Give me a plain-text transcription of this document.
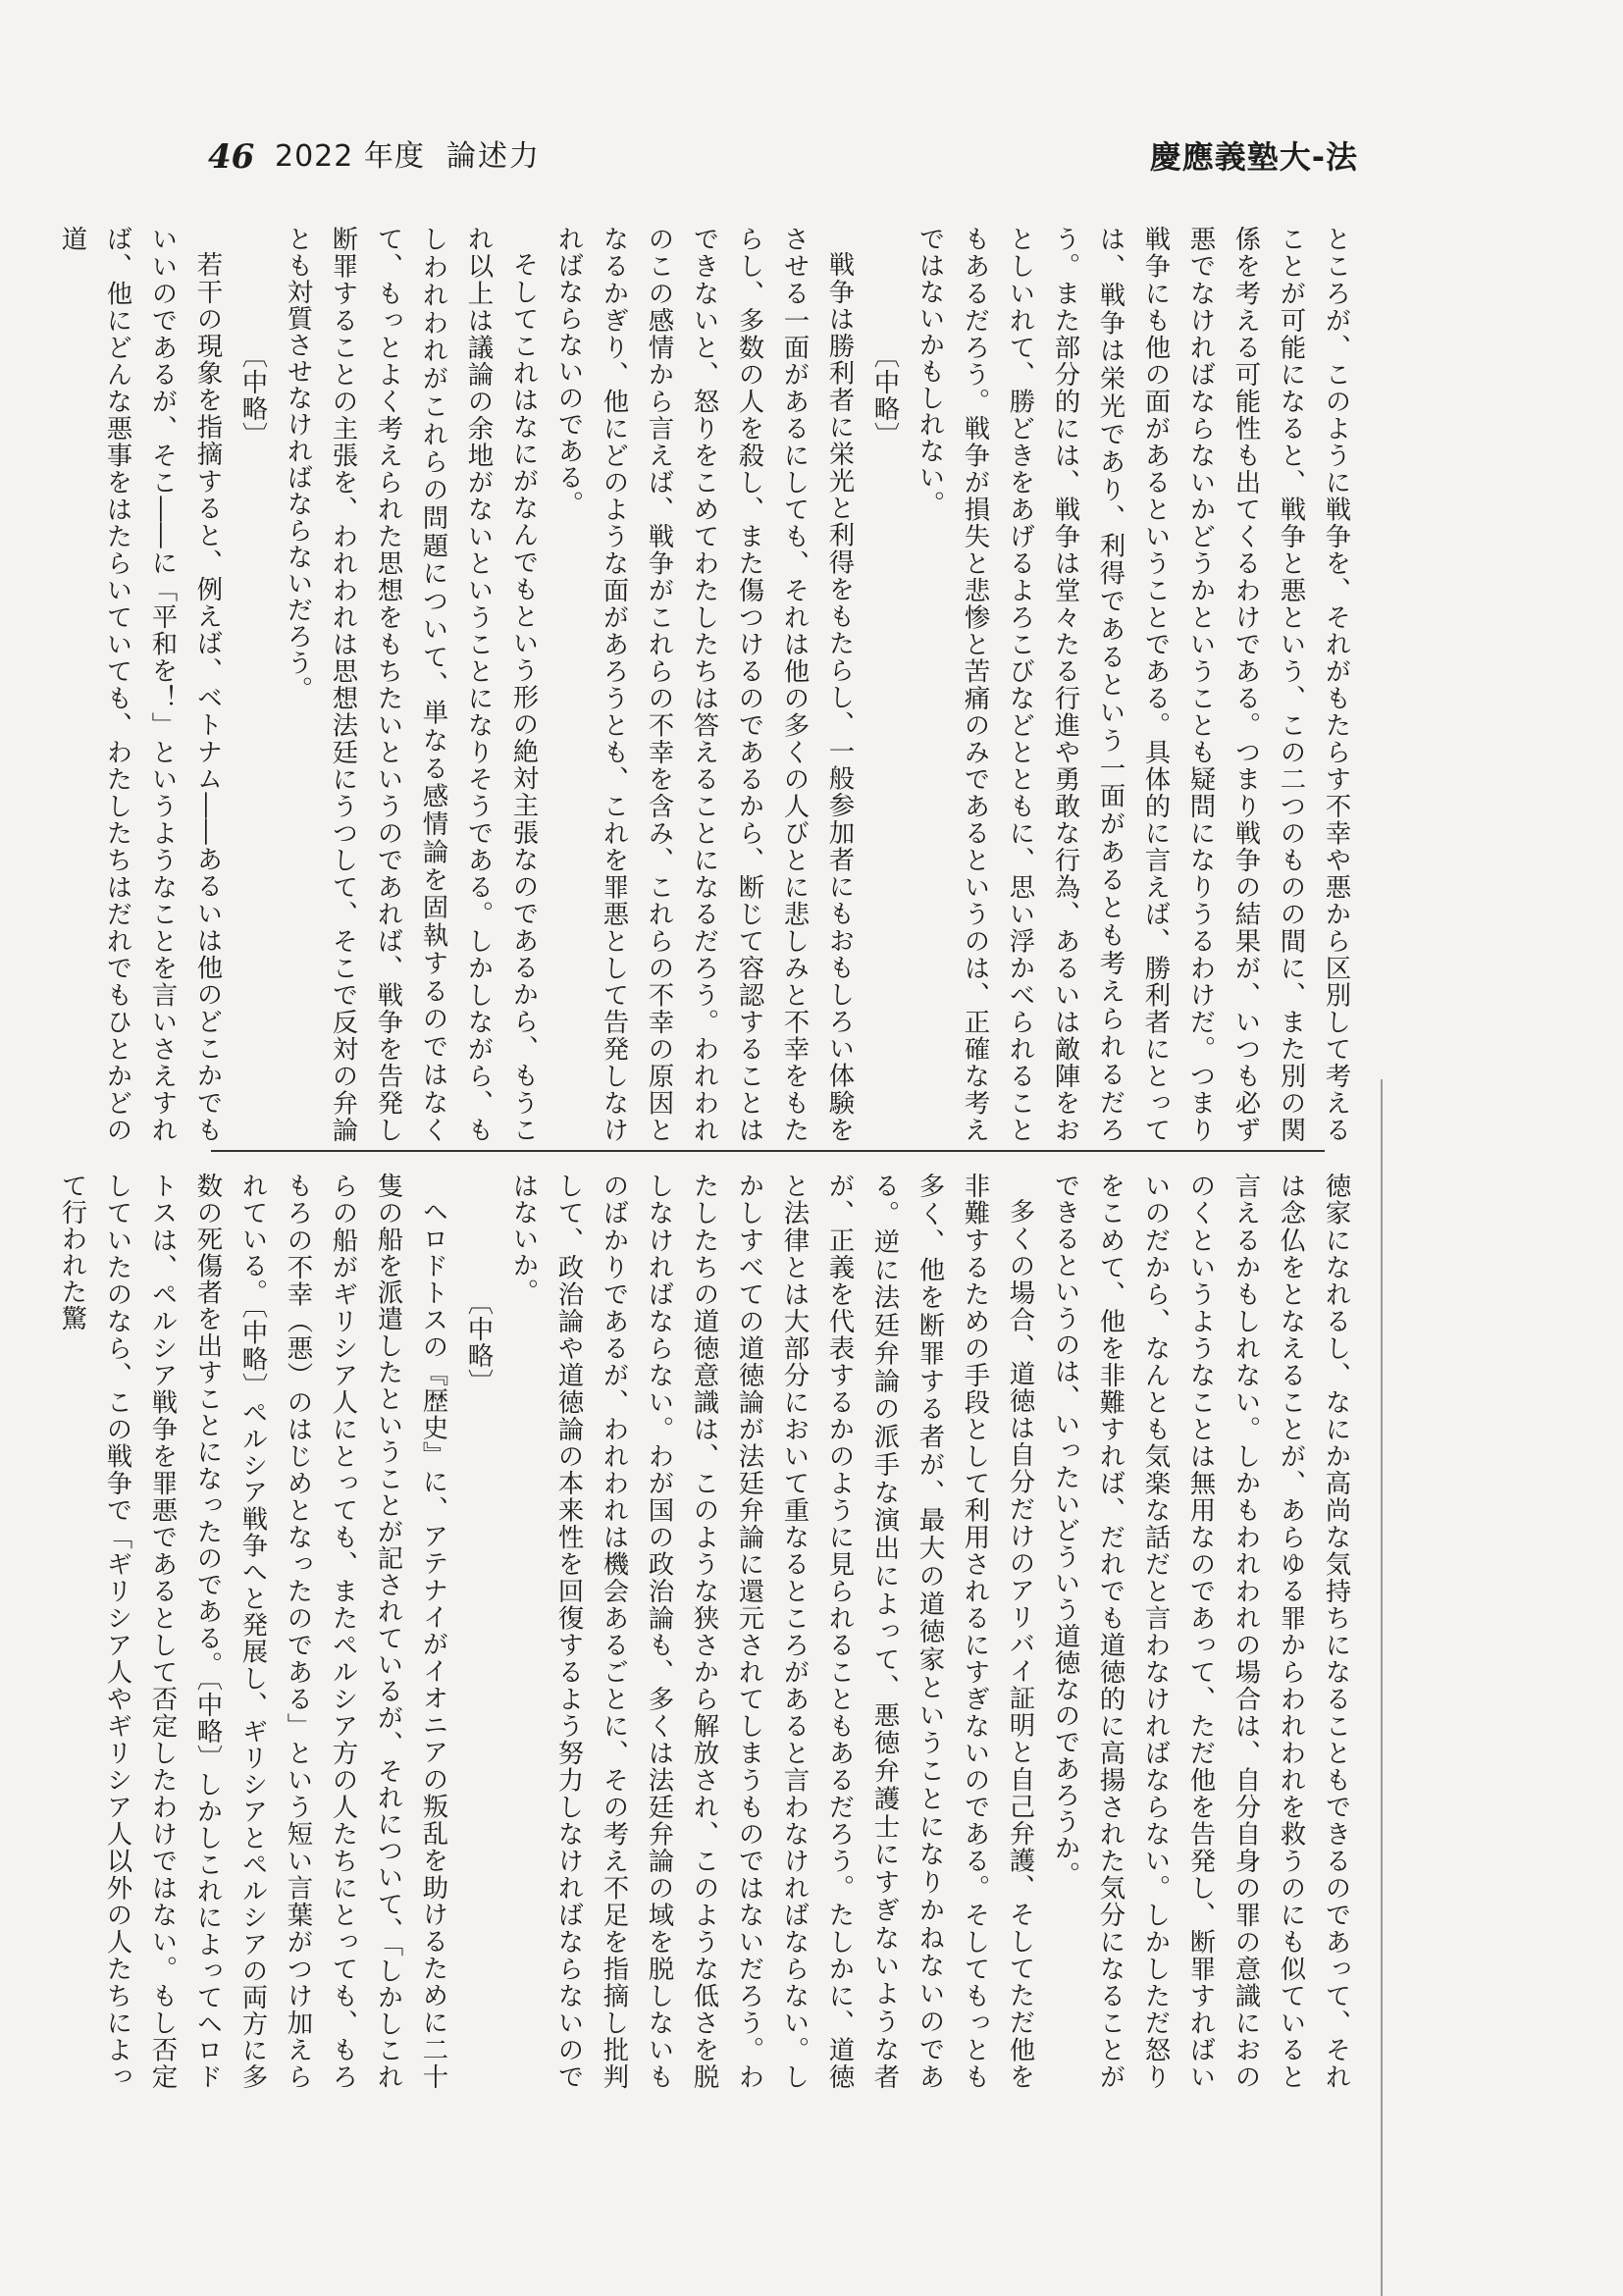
46 2022 年度 論述力	慶應義塾大-法

ところが、このように戦争を、それがもたらす不幸や悪から区別して考えることが可能になると、戦争と悪という、この二つのものの間に、また別の関係を考える可能性も出てくるわけである。つまり戦争の結果が、いつも必ず悪でなければならないかどうかということも疑問になりうるわけだ。つまり戦争にも他の面があるということである。具体的に言えば、勝利者にとっては、戦争は栄光であり、利得であるという一面があるとも考えられるだろう。また部分的には、戦争は堂々たる行進や勇敢な行為、あるいは敵陣をおとしいれて、勝どきをあげるよろこびなどとともに、思い浮かべられることもあるだろう。戦争が損失と悲惨と苦痛のみであるというのは、正確な考えではないかもしれない。

〔中略〕

戦争は勝利者に栄光と利得をもたらし、一般参加者にもおもしろい体験をさせる一面があるにしても、それは他の多くの人びとに悲しみと不幸をもたらし、多数の人を殺し、また傷つけるのであるから、断じて容認することはできないと、怒りをこめてわたしたちは答えることになるだろう。われわれのこの感情から言えば、戦争がこれらの不幸を含み、これらの不幸の原因となるかぎり、他にどのような面があろうとも、これを罪悪として告発しなければならないのである。

そしてこれはなにがなんでもという形の絶対主張なのであるから、もうこれ以上は議論の余地がないということになりそうである。しかしながら、もしわれわれがこれらの問題について、単なる感情論を固執するのではなくて、もっとよく考えられた思想をもちたいというのであれば、戦争を告発し断罪することの主張を、われわれは思想法廷にうつして、そこで反対の弁論とも対質させなければならないだろう。

〔中略〕

若干の現象を指摘すると、例えば、ベトナム――あるいは他のどこかでもいいのであるが、そこ――に「平和を！」というようなことを言いさえすれば、他にどんな悪事をはたらいていても、わたしたちはだれでもひとかどの道

徳家になれるし、なにか高尚な気持ちになることもできるのであって、それは念仏をとなえることが、あらゆる罪からわれわれを救うのにも似ていると言えるかもしれない。しかもわれわれの場合は、自分自身の罪の意識におののくというようなことは無用なのであって、ただ他を告発し、断罪すればいいのだから、なんとも気楽な話だと言わなければならない。しかしただ怒りをこめて、他を非難すれば、だれでも道徳的に高揚された気分になることができるというのは、いったいどういう道徳なのであろうか。

多くの場合、道徳は自分だけのアリバイ証明と自己弁護、そしてただ他を非難するための手段として利用されるにすぎないのである。そしてもっとも多く、他を断罪する者が、最大の道徳家ということになりかねないのである。逆に法廷弁論の派手な演出によって、悪徳弁護士にすぎないような者が、正義を代表するかのように見られることもあるだろう。たしかに、道徳と法律とは大部分において重なるところがあると言わなければならない。しかしすべての道徳論が法廷弁論に還元されてしまうものではないだろう。わたしたちの道徳意識は、このような狭さから解放され、このような低さを脱しなければならない。わが国の政治論も、多くは法廷弁論の域を脱しないものばかりであるが、われわれは機会あるごとに、その考え不足を指摘し批判して、政治論や道徳論の本来性を回復するよう努力しなければならないのではないか。

〔中略〕

ヘロドトスの『歴史』に、アテナイがイオニアの叛乱を助けるために二十隻の船を派遣したということが記されているが、それについて、「しかしこれらの船がギリシア人にとっても、またペルシア方の人たちにとっても、もろもろの不幸（悪）のはじめとなったのである」という短い言葉がつけ加えられている。〔中略〕ペルシア戦争へと発展し、ギリシアとペルシアの両方に多数の死傷者を出すことになったのである。〔中略〕しかしこれによってヘロドトスは、ペルシア戦争を罪悪であるとして否定したわけではない。もし否定していたのなら、この戦争で「ギリシア人やギリシア人以外の人たちによって行われた驚
